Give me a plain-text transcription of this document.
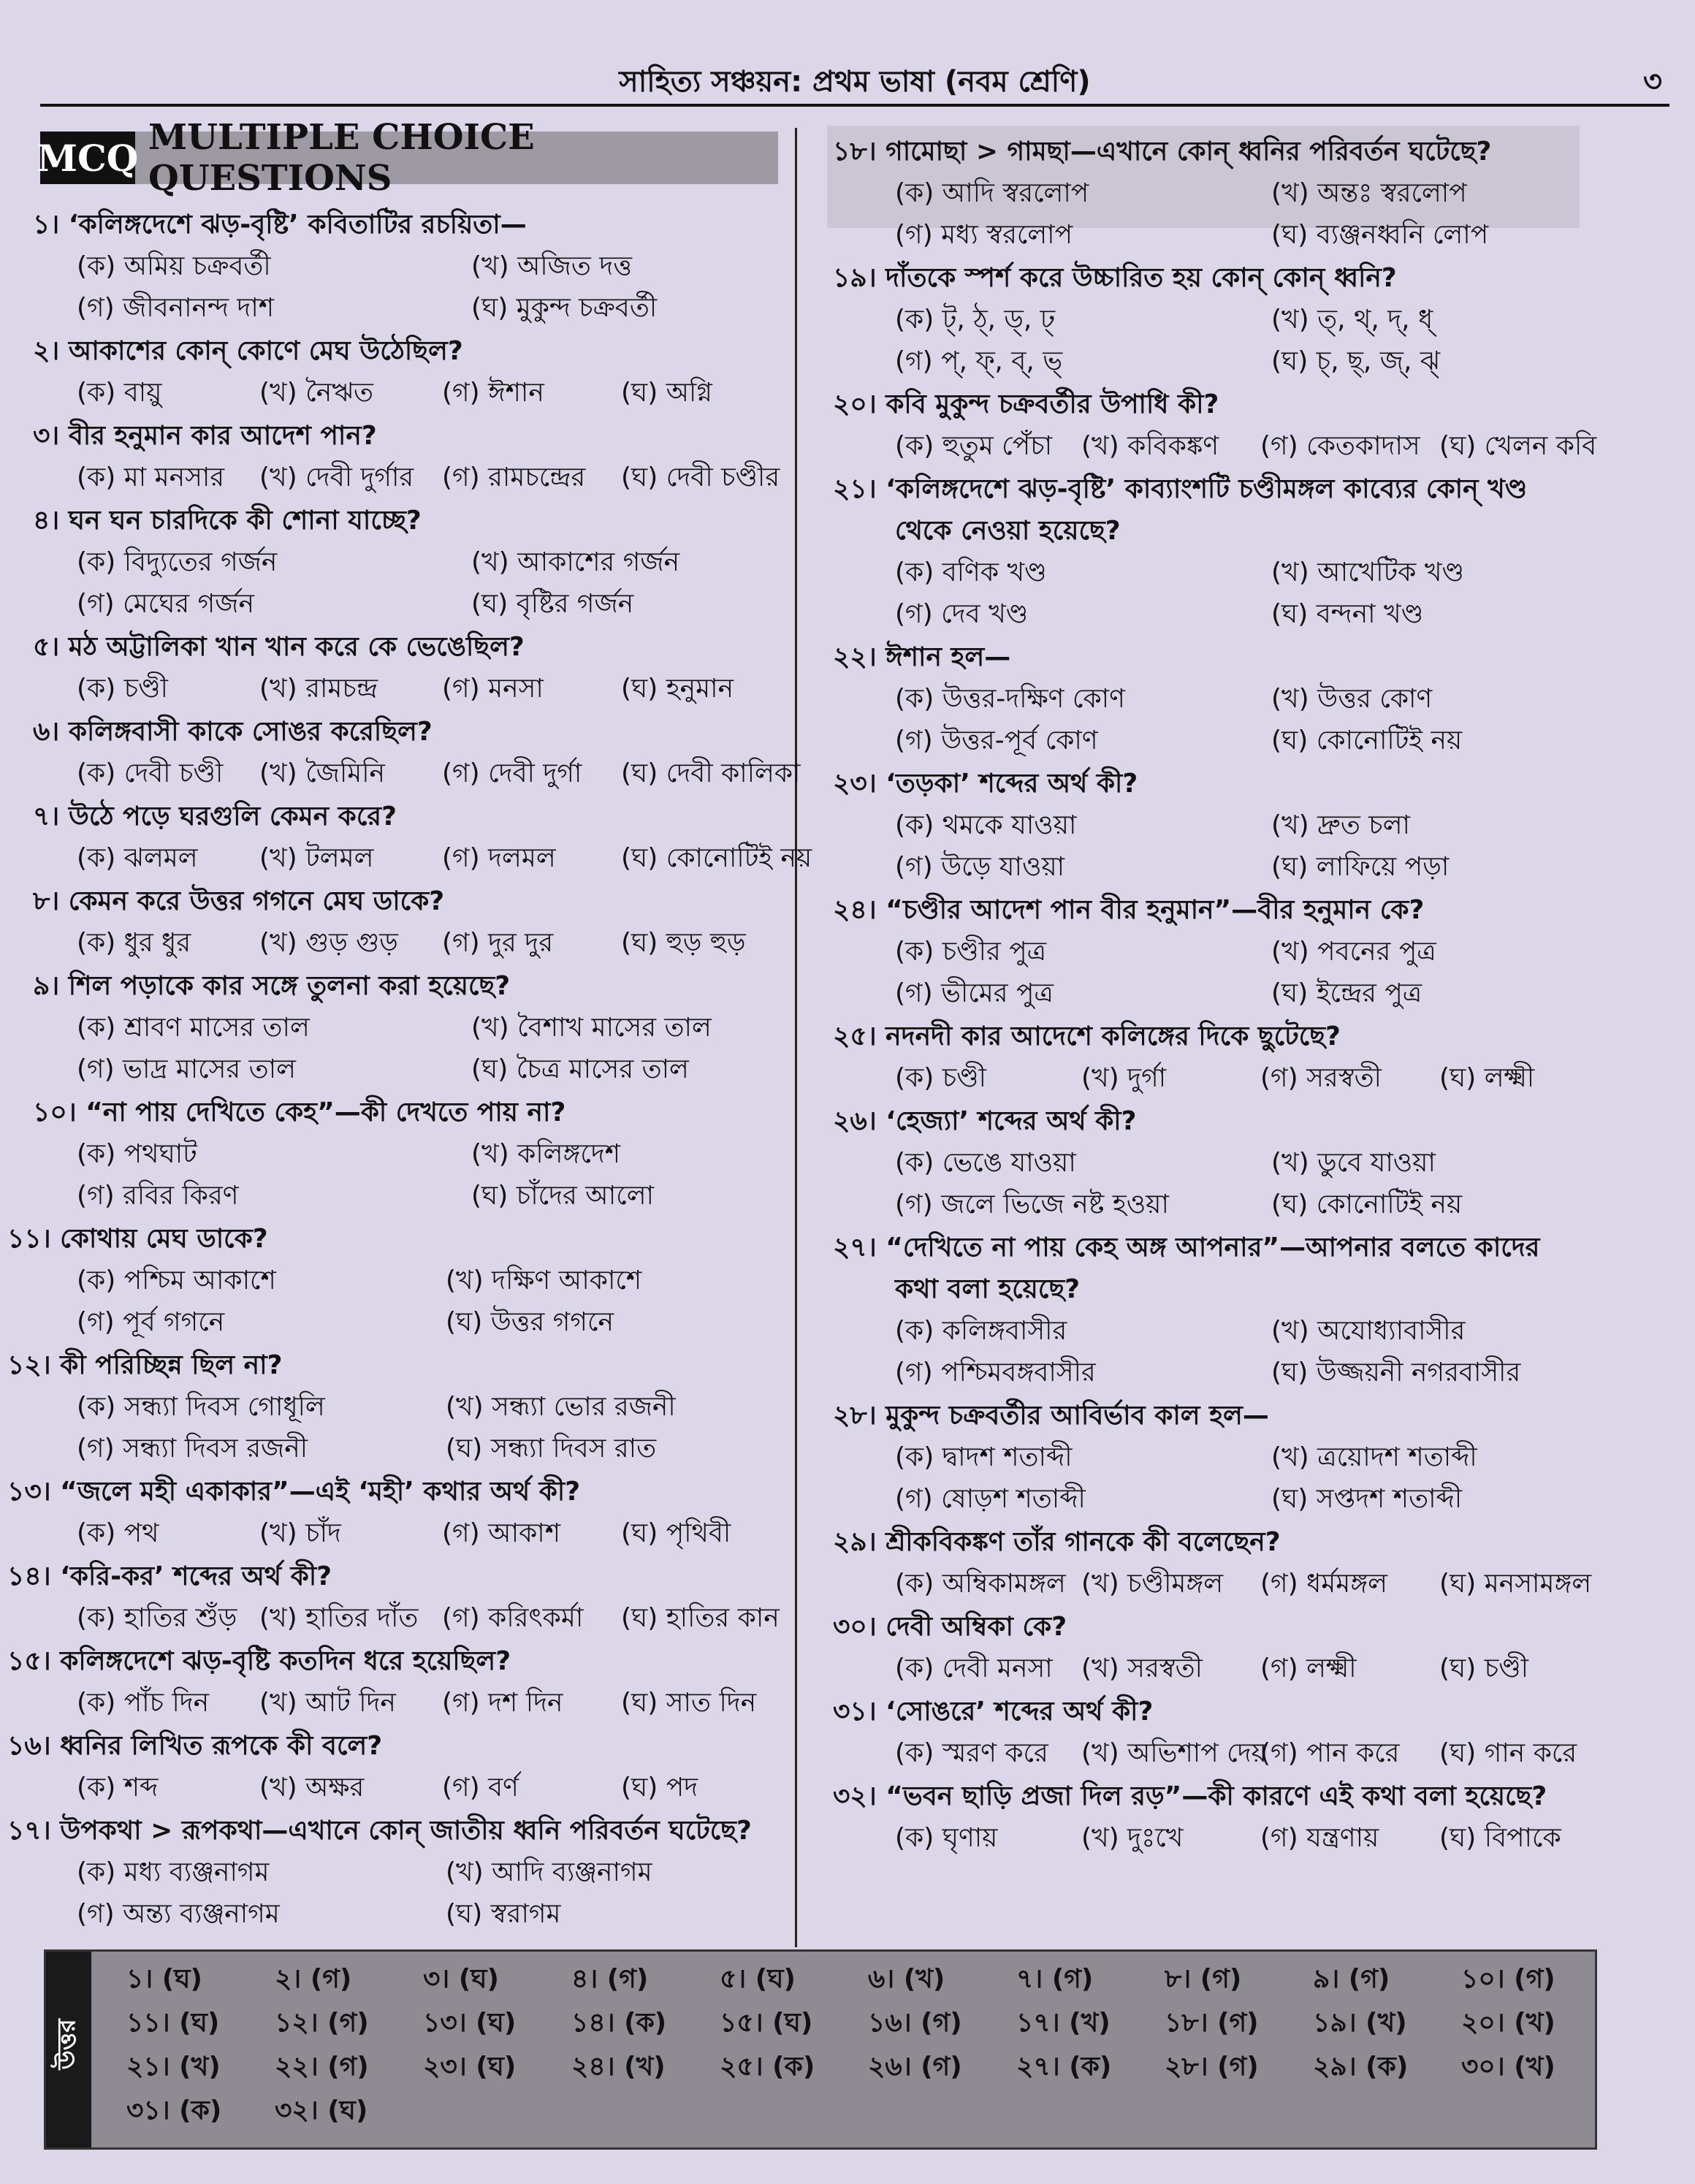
সাহিত্য সঞ্চয়ন: প্রথম ভাষা (নবম শ্রেণি)	৩
MCQ MULTIPLE CHOICE QUESTIONS
১। ‘কলিঙ্গদেশে ঝড়-বৃষ্টি’ কবিতাটির রচয়িতা—
(ক) অমিয় চক্রবর্তী	(খ) অজিত দত্ত
(গ) জীবনানন্দ দাশ	(ঘ) মুকুন্দ চক্রবর্তী
২। আকাশের কোন্ কোণে মেঘ উঠেছিল?
(ক) বায়ু	(খ) নৈঋত	(গ) ঈশান	(ঘ) অগ্নি
৩। বীর হনুমান কার আদেশ পান?
(ক) মা মনসার (খ) দেবী দুর্গার (গ) রামচন্দ্রের (ঘ) দেবী চণ্ডীর
৪। ঘন ঘন চারদিকে কী শোনা যাচ্ছে?
(ক) বিদ্যুতের গর্জন	(খ) আকাশের গর্জন
(গ) মেঘের গর্জন	(ঘ) বৃষ্টির গর্জন
৫। মঠ অট্টালিকা খান খান করে কে ভেঙেছিল?
(ক) চণ্ডী	(খ) রামচন্দ্র (গ) মনসা	(ঘ) হনুমান
৬। কলিঙ্গবাসী কাকে সোঙর করেছিল?
(ক) দেবী চণ্ডী (খ) জৈমিনি (গ) দেবী দুর্গা (ঘ) দেবী কালিকা
৭। উঠে পড়ে ঘরগুলি কেমন করে?
(ক) ঝলমল (খ) টলমল	(গ) দলমল (ঘ) কোনোটিই নয়
৮। কেমন করে উত্তর গগনে মেঘ ডাকে?
(ক) ধুর ধুর	(খ) গুড় গুড় (গ) দুর দুর	(ঘ) হুড় হুড়
৯। শিল পড়াকে কার সঙ্গে তুলনা করা হয়েছে?
(ক) শ্রাবণ মাসের তাল	(খ) বৈশাখ মাসের তাল
(গ) ভাদ্র মাসের তাল	(ঘ) চৈত্র মাসের তাল
১০। “না পায় দেখিতে কেহ”—কী দেখতে পায় না?
(ক) পথঘাট	(খ) কলিঙ্গদেশ
(গ) রবির কিরণ	(ঘ) চাঁদের আলো
১১। কোথায় মেঘ ডাকে?
(ক) পশ্চিম আকাশে	(খ) দক্ষিণ আকাশে
(গ) পূর্ব গগনে	(ঘ) উত্তর গগনে
১২। কী পরিচ্ছিন্ন ছিল না?
(ক) সন্ধ্যা দিবস গোধূলি	(খ) সন্ধ্যা ভোর রজনী
(গ) সন্ধ্যা দিবস রজনী	(ঘ) সন্ধ্যা দিবস রাত
১৩। “জলে মহী একাকার”—এই ‘মহী’ কথার অর্থ কী?
(ক) পথ	(খ) চাঁদ	(গ) আকাশ (ঘ) পৃথিবী
১৪। ‘করি-কর’ শব্দের অর্থ কী?
(ক) হাতির শুঁড় (খ) হাতির দাঁত (গ) করিৎকর্মা (ঘ) হাতির কান
১৫। কলিঙ্গদেশে ঝড়-বৃষ্টি কতদিন ধরে হয়েছিল?
(ক) পাঁচ দিন (খ) আট দিন (গ) দশ দিন (ঘ) সাত দিন
১৬। ধ্বনির লিখিত রূপকে কী বলে?
(ক) শব্দ	(খ) অক্ষর	(গ) বর্ণ	(ঘ) পদ
১৭। উপকথা > রূপকথা—এখানে কোন্ জাতীয় ধ্বনি পরিবর্তন ঘটেছে?
(ক) মধ্য ব্যঞ্জনাগম	(খ) আদি ব্যঞ্জনাগম
(গ) অন্ত্য ব্যঞ্জনাগম	(ঘ) স্বরাগম
১৮। গামোছা > গামছা—এখানে কোন্ ধ্বনির পরিবর্তন ঘটেছে?
(ক) আদি স্বরলোপ	(খ) অন্তঃ স্বরলোপ
(গ) মধ্য স্বরলোপ	(ঘ) ব্যঞ্জনধ্বনি লোপ
১৯। দাঁতকে স্পর্শ করে উচ্চারিত হয় কোন্ কোন্ ধ্বনি?
(ক) ট্, ঠ্, ড্, ঢ্	(খ) ত্, থ্, দ্, ধ্
(গ) প্, ফ্, ব্, ভ্	(ঘ) চ্, ছ্, জ্, ঝ্
২০। কবি মুকুন্দ চক্রবর্তীর উপাধি কী?
(ক) হুতুম পেঁচা (খ) কবিকঙ্কণ (গ) কেতকাদাস (ঘ) খেলন কবি
২১। ‘কলিঙ্গদেশে ঝড়-বৃষ্টি’ কাব্যাংশটি চণ্ডীমঙ্গল কাব্যের কোন্ খণ্ড
থেকে নেওয়া হয়েছে?
(ক) বণিক খণ্ড	(খ) আখেটিক খণ্ড
(গ) দেব খণ্ড	(ঘ) বন্দনা খণ্ড
২২। ঈশান হল—
(ক) উত্তর-দক্ষিণ কোণ	(খ) উত্তর কোণ
(গ) উত্তর-পূর্ব কোণ	(ঘ) কোনোটিই নয়
২৩। ‘তড়কা’ শব্দের অর্থ কী?
(ক) থমকে যাওয়া	(খ) দ্রুত চলা
(গ) উড়ে যাওয়া	(ঘ) লাফিয়ে পড়া
২৪। “চণ্ডীর আদেশ পান বীর হনুমান”—বীর হনুমান কে?
(ক) চণ্ডীর পুত্র	(খ) পবনের পুত্র
(গ) ভীমের পুত্র	(ঘ) ইন্দ্রের পুত্র
২৫। নদনদী কার আদেশে কলিঙ্গের দিকে ছুটেছে?
(ক) চণ্ডী	(খ) দুর্গা	(গ) সরস্বতী (ঘ) লক্ষ্মী
২৬। ‘হেজ্যা’ শব্দের অর্থ কী?
(ক) ভেঙে যাওয়া	(খ) ডুবে যাওয়া
(গ) জলে ভিজে নষ্ট হওয়া	(ঘ) কোনোটিই নয়
২৭। “দেখিতে না পায় কেহ অঙ্গ আপনার”—আপনার বলতে কাদের
কথা বলা হয়েছে?
(ক) কলিঙ্গবাসীর	(খ) অযোধ্যাবাসীর
(গ) পশ্চিমবঙ্গবাসীর	(ঘ) উজ্জয়নী নগরবাসীর
২৮। মুকুন্দ চক্রবর্তীর আবির্ভাব কাল হল—
(ক) দ্বাদশ শতাব্দী	(খ) ত্রয়োদশ শতাব্দী
(গ) ষোড়শ শতাব্দী	(ঘ) সপ্তদশ শতাব্দী
২৯। শ্রীকবিকঙ্কণ তাঁর গানকে কী বলেছেন?
(ক) অম্বিকামঙ্গল (খ) চণ্ডীমঙ্গল (গ) ধর্মমঙ্গল (ঘ) মনসামঙ্গল
৩০। দেবী অম্বিকা কে?
(ক) দেবী মনসা (খ) সরস্বতী (গ) লক্ষ্মী	(ঘ) চণ্ডী
৩১। ‘সোঙরে’ শব্দের অর্থ কী?
(ক) স্মরণ করে (খ) অভিশাপ দেয়
(গ) পান করে (ঘ) গান করে
৩২। “ভবন ছাড়ি প্রজা দিল রড়”—কী কারণে এই কথা বলা হয়েছে?
(ক) ঘৃণায়	(খ) দুঃখে	(গ) যন্ত্রণায় (ঘ) বিপাকে
উত্তর
১। (ঘ)	২। (গ)	৩। (ঘ)	৪। (গ)	৫। (ঘ)	৬। (খ)	৭। (গ)	৮। (গ)	৯। (গ)	১০। (গ)
১১। (ঘ) ১২। (গ) ১৩। (ঘ) ১৪। (ক) ১৫। (ঘ) ১৬। (গ) ১৭। (খ) ১৮। (গ) ১৯। (খ) ২০। (খ)
২১। (খ) ২২। (গ) ২৩। (ঘ) ২৪। (খ) ২৫। (ক) ২৬। (গ) ২৭। (ক) ২৮। (গ) ২৯। (ক) ৩০। (খ)
৩১। (ক) ৩২। (ঘ)
